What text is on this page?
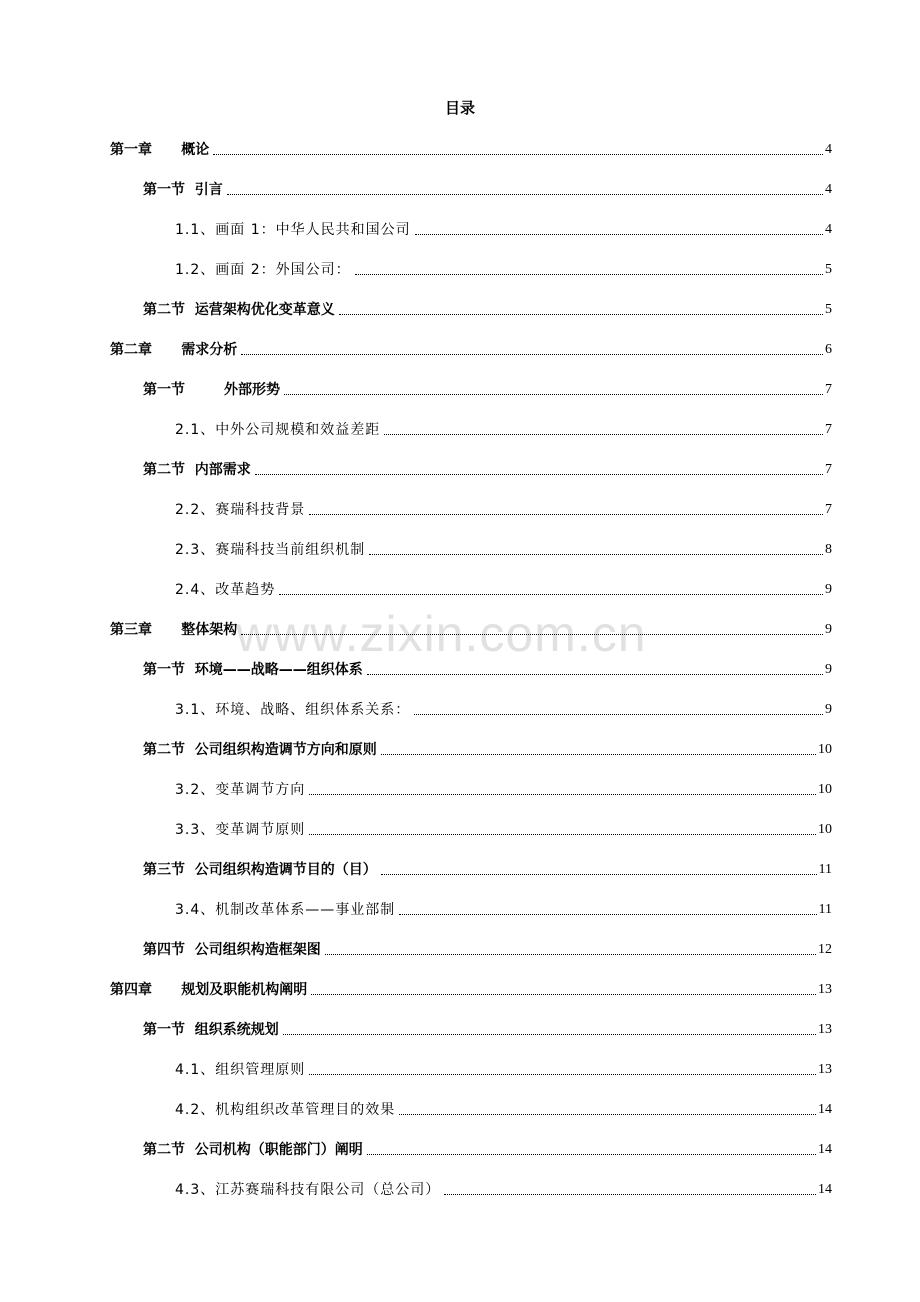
目录
www.zixin.com.cn
第一章      概论	4
第一节  引言	4
1.1、画面 1：中华人民共和国公司	4
1.2、画面 2：外国公司：	5
第二节  运营架构优化变革意义	5
第二章      需求分析	6
第一节        外部形势	7
2.1、中外公司规模和效益差距	7
第二节  内部需求	7
2.2、赛瑞科技背景	7
2.3、赛瑞科技当前组织机制	8
2.4、改革趋势	9
第三章      整体架构	9
第一节  环境——战略——组织体系	9
3.1、环境、战略、组织体系关系：	9
第二节  公司组织构造调节方向和原则	10
3.2、变革调节方向	10
3.3、变革调节原则	10
第三节  公司组织构造调节目的（目）	11
3.4、机制改革体系——事业部制	11
第四节  公司组织构造框架图	12
第四章      规划及职能机构阐明	13
第一节  组织系统规划	13
4.1、组织管理原则	13
4.2、机构组织改革管理目的效果	14
第二节  公司机构（职能部门）阐明	14
4.3、江苏赛瑞科技有限公司（总公司）	14
